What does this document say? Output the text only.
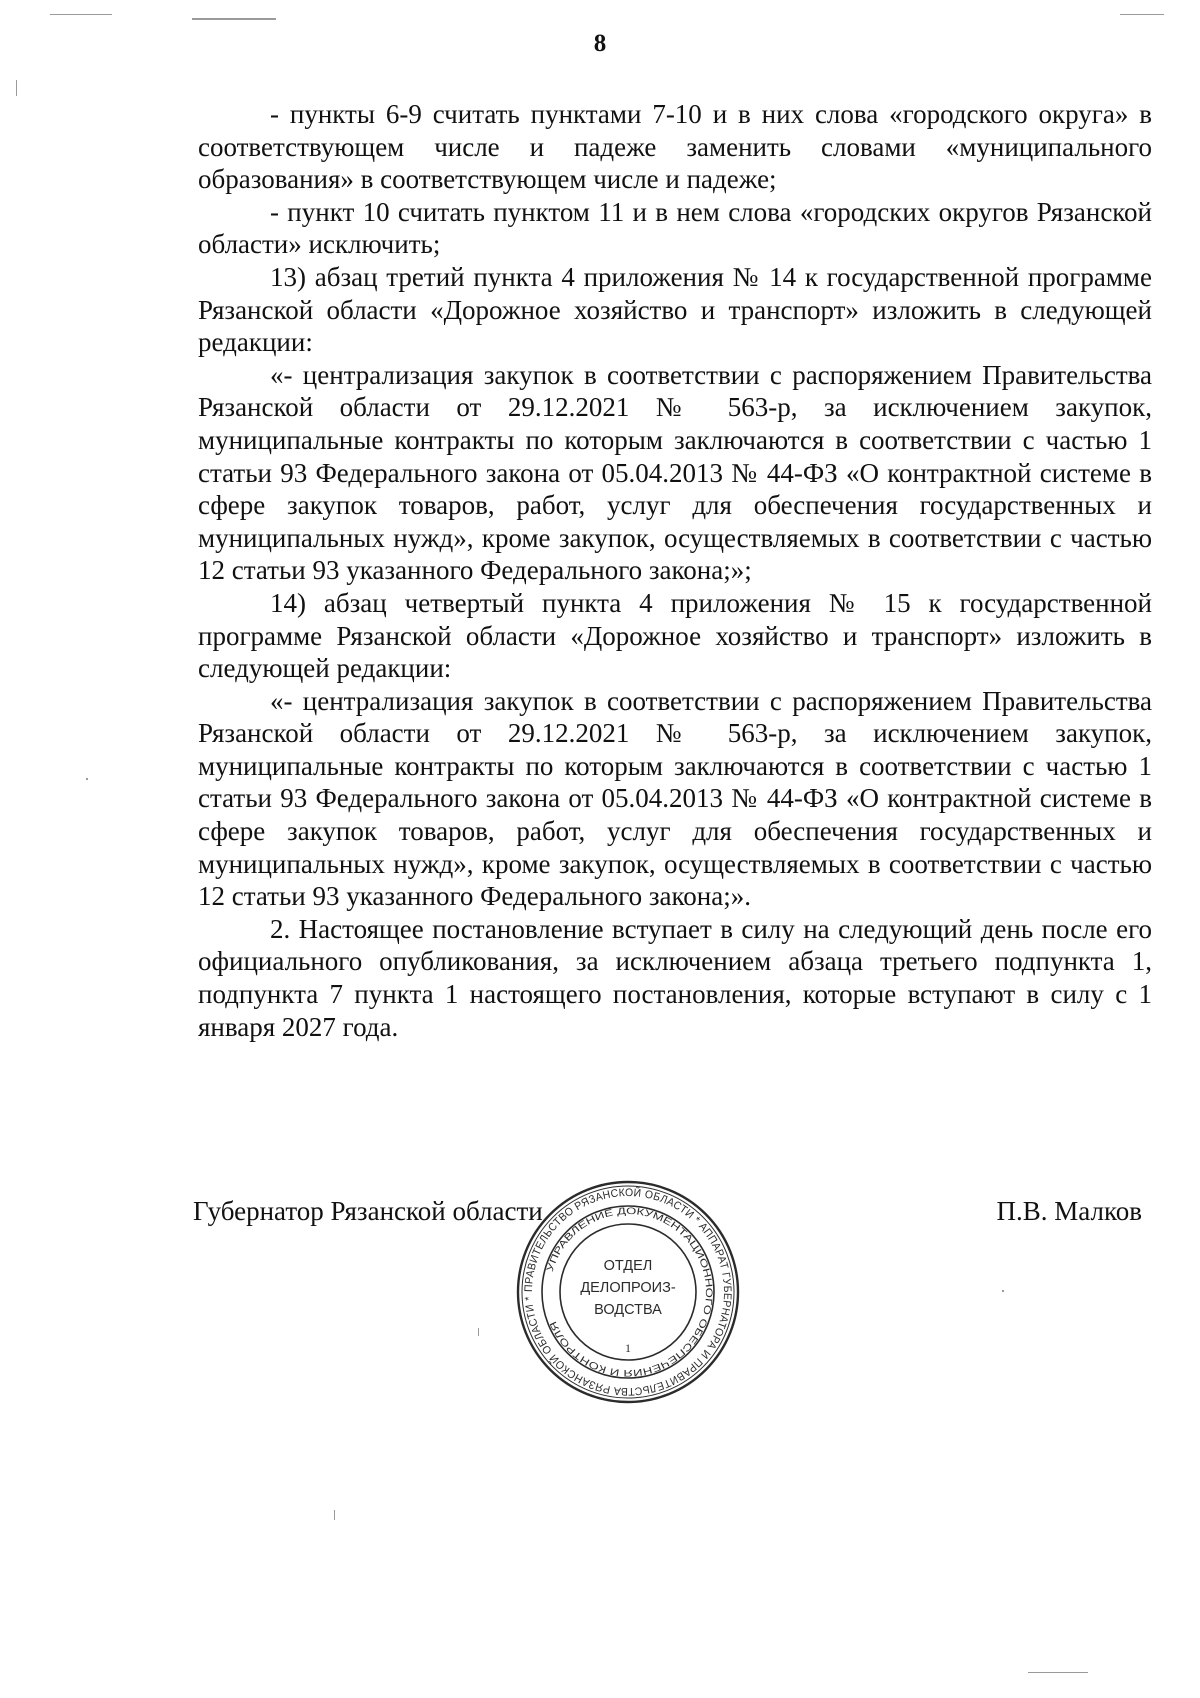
8

- пункты 6-9 считать пунктами 7-10 и в них слова «городского округа» в соответствующем числе и падеже заменить словами «муниципального образования» в соответствующем числе и падеже;

- пункт 10 считать пунктом 11 и в нем слова «городских округов Рязанской области» исключить;

13) абзац третий пункта 4 приложения № 14 к государственной программе Рязанской области «Дорожное хозяйство и транспорт» изложить в следующей редакции:

«- централизация закупок в соответствии с распоряжением Правительства Рязанской области от 29.12.2021 № 563-р, за исключением закупок, муниципальные контракты по которым заключаются в соответствии с частью 1 статьи 93 Федерального закона от 05.04.2013 № 44-ФЗ «О контрактной системе в сфере закупок товаров, работ, услуг для обеспечения государственных и муниципальных нужд», кроме закупок, осуществляемых в соответствии с частью 12 статьи 93 указанного Федерального закона;»;

14) абзац четвертый пункта 4 приложения № 15 к государственной программе Рязанской области «Дорожное хозяйство и транспорт» изложить в следующей редакции:

«- централизация закупок в соответствии с распоряжением Правительства Рязанской области от 29.12.2021 № 563-р, за исключением закупок, муниципальные контракты по которым заключаются в соответствии с частью 1 статьи 93 Федерального закона от 05.04.2013 № 44-ФЗ «О контрактной системе в сфере закупок товаров, работ, услуг для обеспечения государственных и муниципальных нужд», кроме закупок, осуществляемых в соответствии с частью 12 статьи 93 указанного Федерального закона;».

2. Настоящее постановление вступает в силу на следующий день после его официального опубликования, за исключением абзаца третьего подпункта 1, подпункта 7 пункта 1 настоящего постановления, которые вступают в силу с 1 января 2027 года.

Губернатор Рязанской области	П.В. Малков
ПРАВИТЕЛЬСТВО РЯЗАНСКОЙ ОБЛАСТИ * АППАРАТ ГУБЕРНАТОРА И ПРАВИТЕЛЬСТВА РЯЗАНСКОЙ ОБЛАСТИ *
УПРАВЛЕНИЕ ДОКУМЕНТАЦИОННОГО ОБЕСПЕЧЕНИЯ И КОНТРОЛЯ
ОТДЕЛ
ДЕЛОПРОИЗ-
ВОДСТВА
1
